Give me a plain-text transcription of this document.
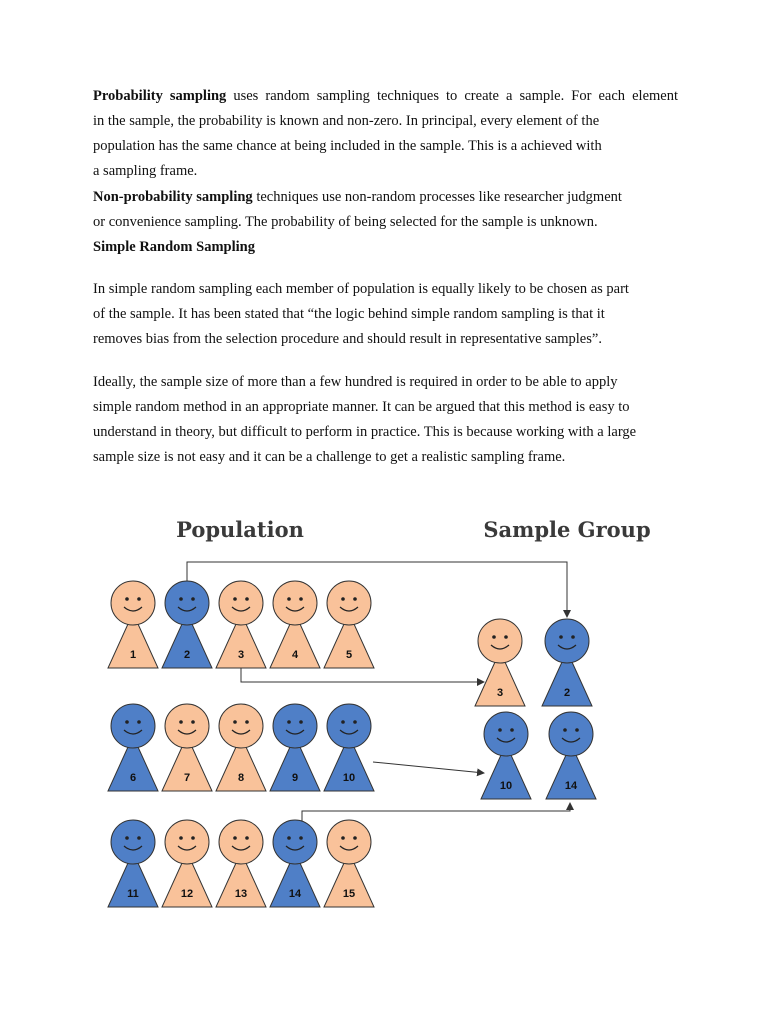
Probability sampling uses random sampling techniques to create a sample. For each element
in the sample, the probability is known and non-zero. In principal, every element of the
population has the same chance at being included in the sample. This is a achieved with
a sampling frame.

Non-probability sampling techniques use non-random processes like researcher judgment
or convenience sampling. The probability of being selected for the sample is unknown.

Simple Random Sampling

In simple random sampling each member of population is equally likely to be chosen as part
of the sample. It has been stated that “the logic behind simple random sampling is that it
removes bias from the selection procedure and should result in representative samples”.

Ideally, the sample size of more than a few hundred is required in order to be able to apply
simple random method in an appropriate manner. It can be argued that this method is easy to
understand in theory, but difficult to perform in practice. This is because working with a large
sample size is not easy and it can be a challenge to get a realistic sampling frame.

Population	Sample Group
1	2	3	4	5
6	7	8	9	10
11	12	13	14	15
3	2
10	14
